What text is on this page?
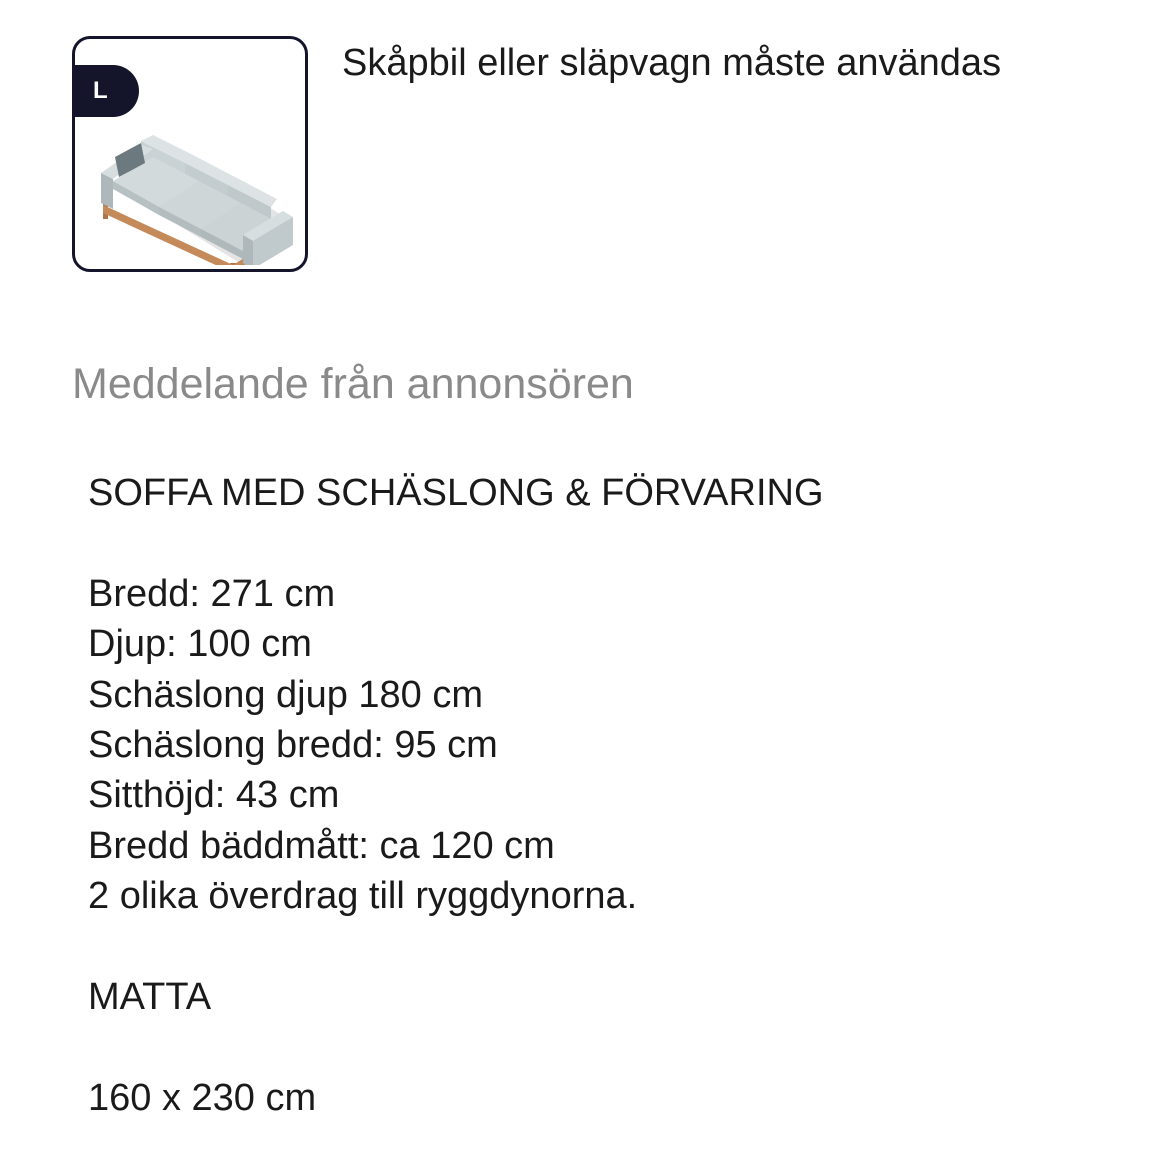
L
Skåpbil eller släpvagn måste användas
Meddelande från annonsören
SOFFA MED SCHÄSLONG & FÖRVARING
Bredd: 271 cm
Djup: 100 cm
Schäslong djup 180 cm
Schäslong bredd: 95 cm
Sitthöjd: 43 cm
Bredd bäddmått: ca 120 cm
2 olika överdrag till ryggdynorna.
MATTA
160 x 230 cm
